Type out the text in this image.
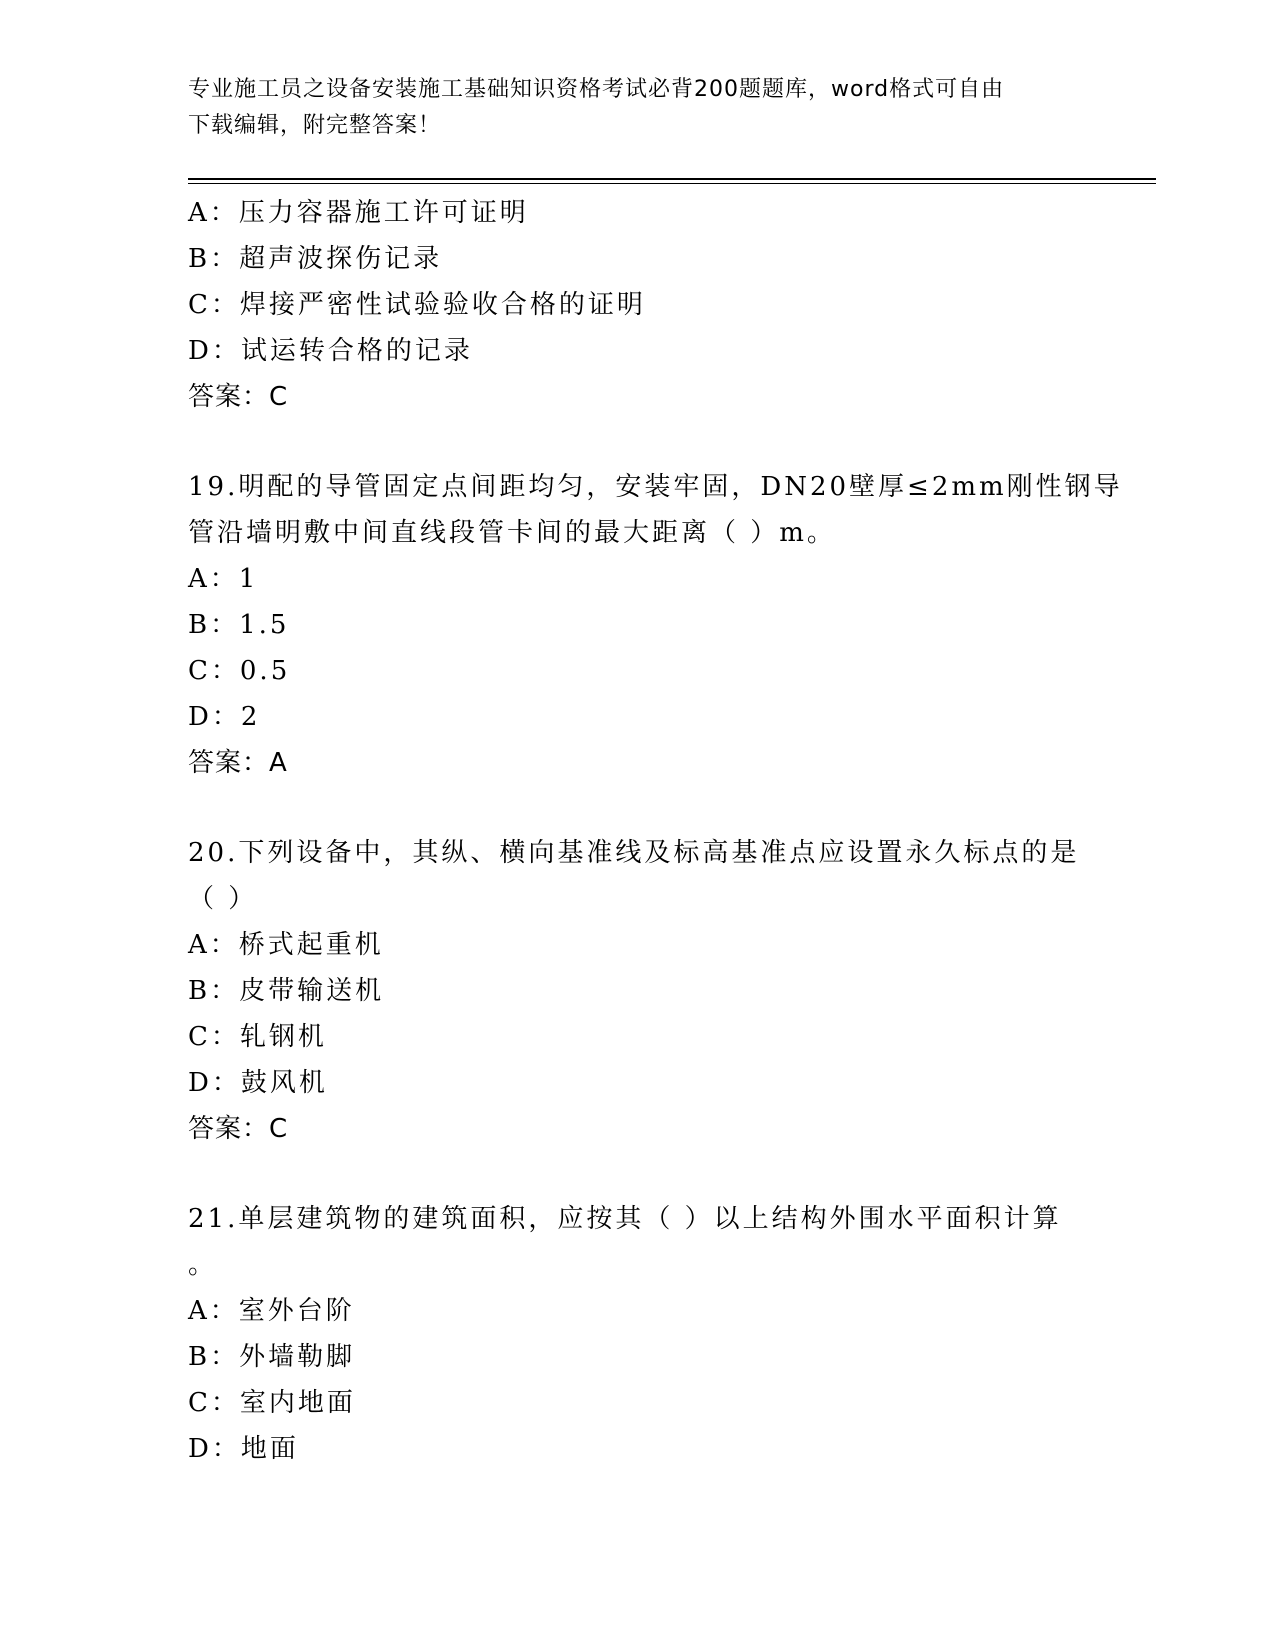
专业施工员之设备安装施工基础知识资格考试必背200题题库，word格式可自由
下载编辑，附完整答案！
A：压力容器施工许可证明
B：超声波探伤记录
C：焊接严密性试验验收合格的证明
D：试运转合格的记录
答案：C
19.明配的导管固定点间距均匀，安装牢固，DN20壁厚≤2mm刚性钢导
管沿墙明敷中间直线段管卡间的最大距离（ ）m。
A：1
B：1.5
C：0.5
D：2
答案：A
20.下列设备中，其纵、横向基准线及标高基准点应设置永久标点的是
（ ）
A：桥式起重机
B：皮带输送机
C：轧钢机
D：鼓风机
答案：C
21.单层建筑物的建筑面积，应按其（ ）以上结构外围水平面积计算
。
A：室外台阶
B：外墙勒脚
C：室内地面
D：地面
